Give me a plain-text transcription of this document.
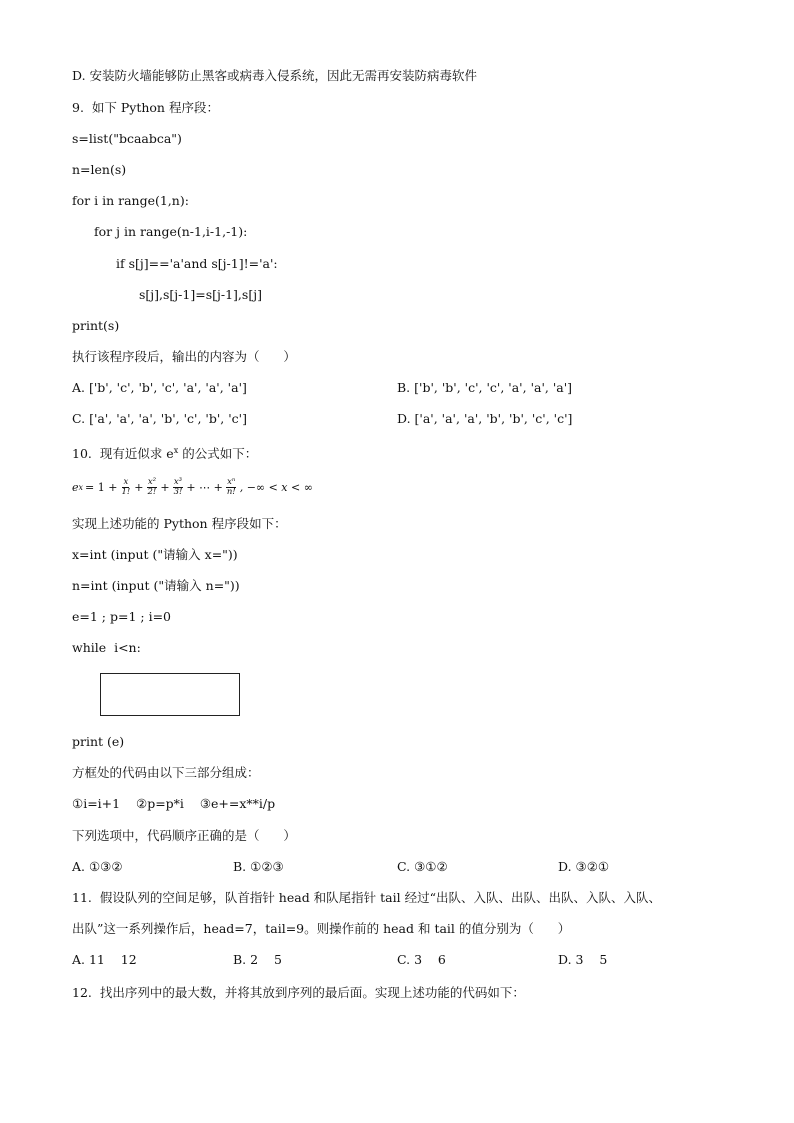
D. 安装防火墙能够防止黑客或病毒入侵系统，因此无需再安装防病毒软件
9.  如下 Python 程序段：
s=list("bcaabca")
n=len(s)
for i in range(1,n):
for j in range(n-1,i-1,-1):
if s[j]=='a'and s[j-1]!='a':
s[j],s[j-1]=s[j-1],s[j]
print(s)
执行该程序段后，输出的内容为（      ）
A. ['b', 'c', 'b', 'c', 'a', 'a', 'a']	B. ['b', 'b', 'c', 'c', 'a', 'a', 'a']
C. ['a', 'a', 'a', 'b', 'c', 'b', 'c']	D. ['a', 'a', 'a', 'b', 'b', 'c', 'c']
10.  现有近似求 $e^x$ 的公式如下：
e $x = 1 + \frac{x}{1!} + \frac{\text{x²}}{2!} + \frac{\text{x³}}{3!}$ + ⋯ + $\frac{\text{xⁿ}}{n!}$ , −∞ < x < ∞
实现上述功能的 Python 程序段如下：
x=int (input ("请输入 x="))
n=int (input ("请输入 n="))
e=1 ; p=1 ; i=0
while  i<n:
print (e)
方框处的代码由以下三部分组成：
①i=i+1    ②p=p*i    ③e+=x**i/p
下列选项中，代码顺序正确的是（      ）
A. ①③②	B. ①②③	C. ③①②	D. ③②①
11.  假设队列的空间足够，队首指针 head 和队尾指针 tail 经过“出队、入队、出队、出队、入队、入队、
出队”这一系列操作后，head=7，tail=9。则操作前的 head 和 tail 的值分别为（      ）
A. 11    12	B. 2    5	C. 3    6	D. 3    5
12.  找出序列中的最大数，并将其放到序列的最后面。实现上述功能的代码如下：
